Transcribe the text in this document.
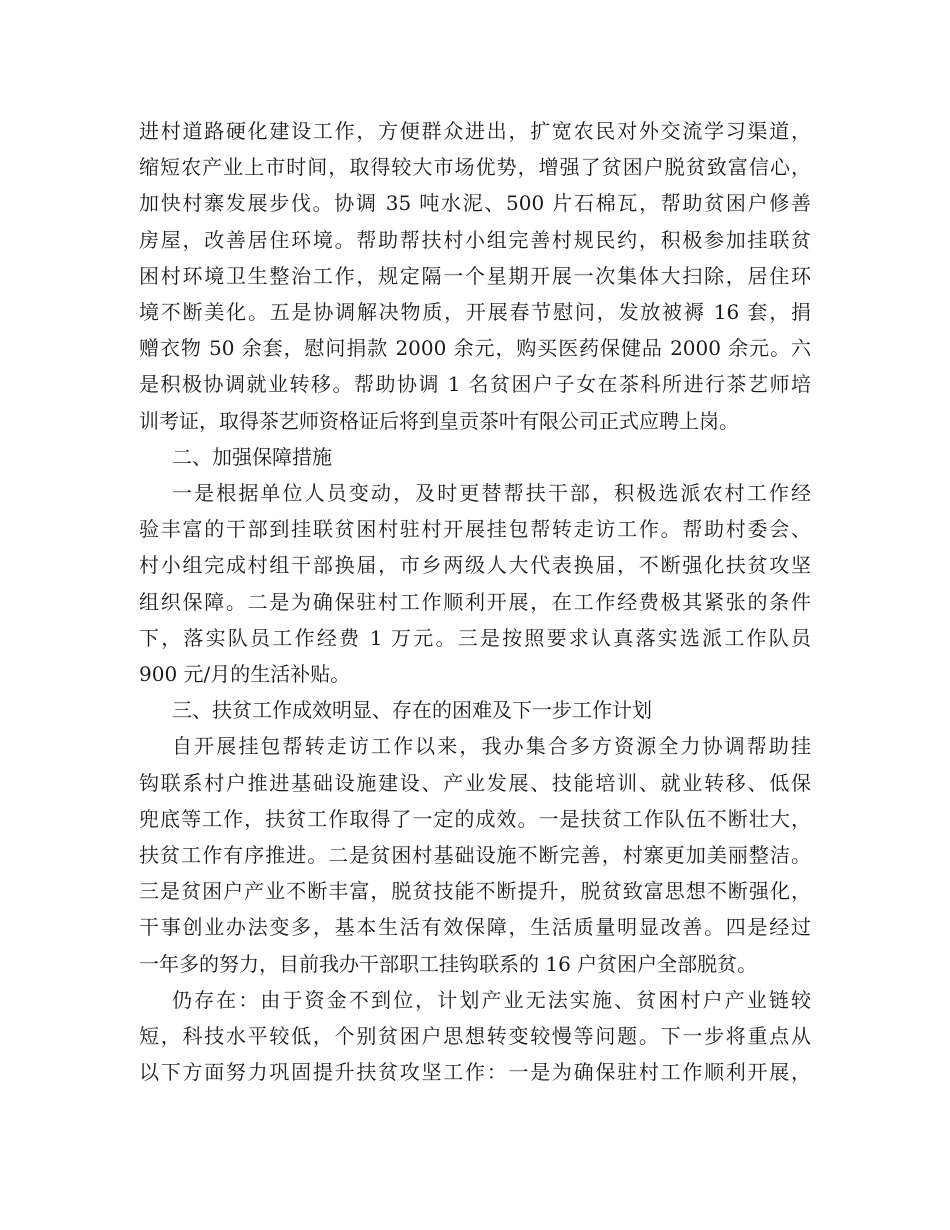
进村道路硬化建设工作，方便群众进出，扩宽农民对外交流学习渠道，
缩短农产业上市时间，取得较大市场优势，增强了贫困户脱贫致富信心，
加快村寨发展步伐。协调 35 吨水泥、500 片石棉瓦，帮助贫困户修善
房屋，改善居住环境。帮助帮扶村小组完善村规民约，积极参加挂联贫
困村环境卫生整治工作，规定隔一个星期开展一次集体大扫除，居住环
境不断美化。五是协调解决物质，开展春节慰问，发放被褥 16 套，捐
赠衣物 50 余套，慰问捐款 2000 余元，购买医药保健品 2000 余元。六
是积极协调就业转移。帮助协调 1 名贫困户子女在茶科所进行茶艺师培
训考证，取得茶艺师资格证后将到皇贡茶叶有限公司正式应聘上岗。

二、加强保障措施

一是根据单位人员变动，及时更替帮扶干部，积极选派农村工作经
验丰富的干部到挂联贫困村驻村开展挂包帮转走访工作。帮助村委会、
村小组完成村组干部换届，市乡两级人大代表换届，不断强化扶贫攻坚
组织保障。二是为确保驻村工作顺利开展，在工作经费极其紧张的条件
下，落实队员工作经费 1 万元。三是按照要求认真落实选派工作队员
900 元/月的生活补贴。

三、扶贫工作成效明显、存在的困难及下一步工作计划

自开展挂包帮转走访工作以来，我办集合多方资源全力协调帮助挂
钩联系村户推进基础设施建设、产业发展、技能培训、就业转移、低保
兜底等工作，扶贫工作取得了一定的成效。一是扶贫工作队伍不断壮大，
扶贫工作有序推进。二是贫困村基础设施不断完善，村寨更加美丽整洁。
三是贫困户产业不断丰富，脱贫技能不断提升，脱贫致富思想不断强化，
干事创业办法变多，基本生活有效保障，生活质量明显改善。四是经过
一年多的努力，目前我办干部职工挂钩联系的 16 户贫困户全部脱贫。

仍存在：由于资金不到位，计划产业无法实施、贫困村户产业链较
短，科技水平较低，个别贫困户思想转变较慢等问题。下一步将重点从
以下方面努力巩固提升扶贫攻坚工作：一是为确保驻村工作顺利开展，
